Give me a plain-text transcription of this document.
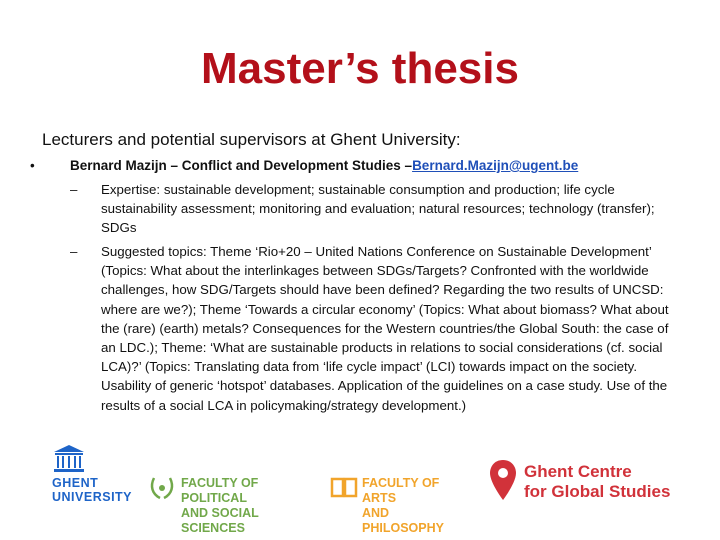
Master’s thesis
Lecturers and potential supervisors at Ghent University:
•	Bernard Mazijn – Conflict and Development Studies –Bernard.Mazijn@ugent.be
–	Expertise: sustainable development; sustainable consumption and production; life cycle sustainability assessment; monitoring and evaluation; natural resources; technology (transfer); SDGs
–	Suggested topics: Theme ‘Rio+20 – United Nations Conference on Sustainable Development’ (Topics: What about the interlinkages between SDGs/Targets? Confronted with the worldwide challenges, how SDG/Targets should have been defined? Regarding the two results of UNCSD: where are we?); Theme ‘Towards a circular economy’ (Topics: What about biomass? What about the (rare) (earth) metals? Consequences for the Western countries/the Global South: the case of an LDC.); Theme: ‘What are sustainable products in relations to social considerations (cf. social LCA)?’ (Topics: Translating data from ‘life cycle impact’ (LCI) towards impact on the society. Usability of generic ‘hotspot’ databases. Application of the guidelines on a case study. Use of the results of a social LCA in policymaking/strategy development.)
GHENT
UNIVERSITY
FACULTY OF POLITICAL
AND SOCIAL SCIENCES
FACULTY OF ARTS
AND PHILOSOPHY
Ghent Centre
for Global Studies
